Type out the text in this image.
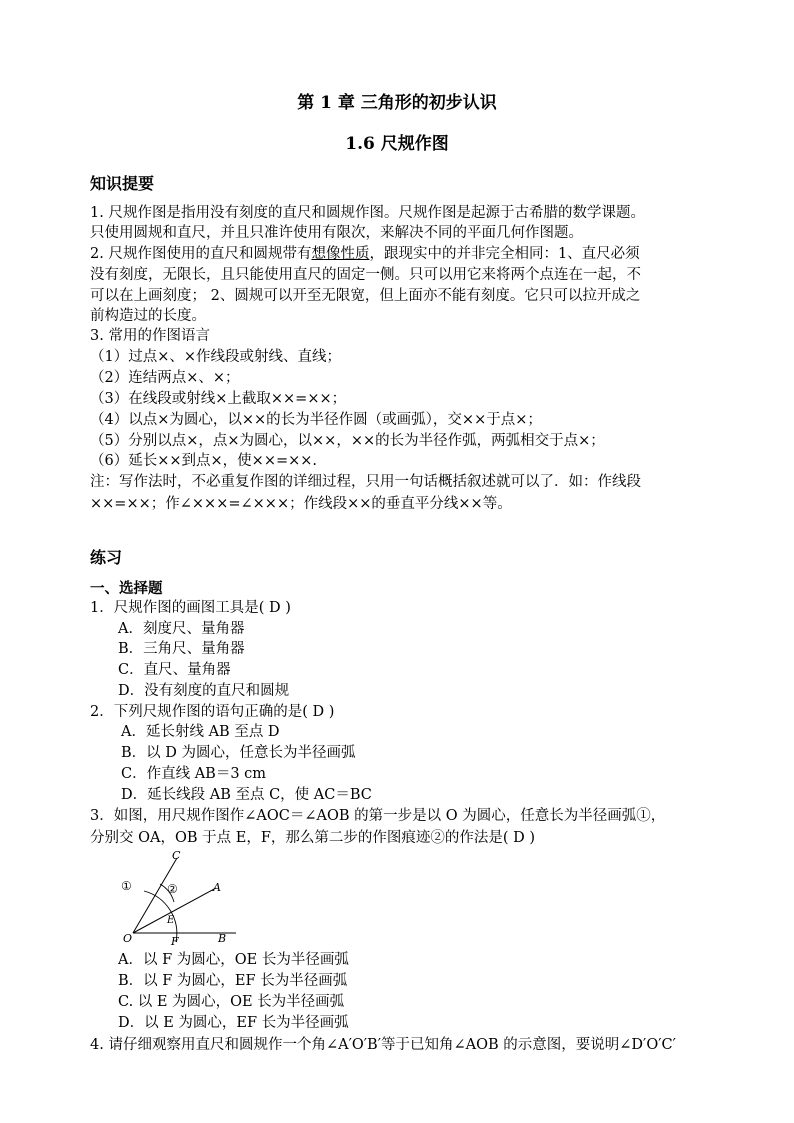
第 1 章 三角形的初步认识
1.6 尺规作图
知识提要
1. 尺规作图是指用没有刻度的直尺和圆规作图。尺规作图是起源于古希腊的数学课题。
只使用圆规和直尺，并且只准许使用有限次，来解决不同的平面几何作图题。
2. 尺规作图使用的直尺和圆规带有想像性质，跟现实中的并非完全相同：1、直尺必须
没有刻度，无限长，且只能使用直尺的固定一侧。只可以用它来将两个点连在一起，不
可以在上画刻度； 2、圆规可以开至无限宽，但上面亦不能有刻度。它只可以拉开成之
前构造过的长度。
3. 常用的作图语言
（1）过点×、×作线段或射线、直线；
（2）连结两点×、×；
（3）在线段或射线×上截取××=××；
（4）以点×为圆心，以××的长为半径作圆（或画弧），交××于点×；
（5）分别以点×，点×为圆心，以××，××的长为半径作弧，两弧相交于点×；
（6）延长××到点×，使××=××.
注：写作法时，不必重复作图的详细过程，只用一句话概括叙述就可以了．如：作线段
××=××；作∠×××=∠×××；作线段××的垂直平分线××等。
练习
一、选择题
1．尺规作图的画图工具是( D )
A．刻度尺、量角器
B．三角尺、量角器
C．直尺、量角器
D．没有刻度的直尺和圆规
2．下列尺规作图的语句正确的是( D )
A．延长射线 AB 至点 D
B．以 D 为圆心，任意长为半径画弧
C．作直线 AB＝3 cm
D．延长线段 AB 至点 C，使 AC＝BC
3．如图，用尺规作图作∠AOC＝∠AOB 的第一步是以 O 为圆心，任意长为半径画弧①，
分别交 OA，OB 于点 E，F，那么第二步的作图痕迹②的作法是( D )
C
A
O	F	B
E
①	②
A．以 F 为圆心，OE 长为半径画弧
B．以 F 为圆心，EF 长为半径画弧
C. 以 E 为圆心，OE 长为半径画弧
D．以 E 为圆心，EF 长为半径画弧
4. 请仔细观察用直尺和圆规作一个角∠A′O′B′等于已知角∠AOB 的示意图，要说明∠D′O′C′
